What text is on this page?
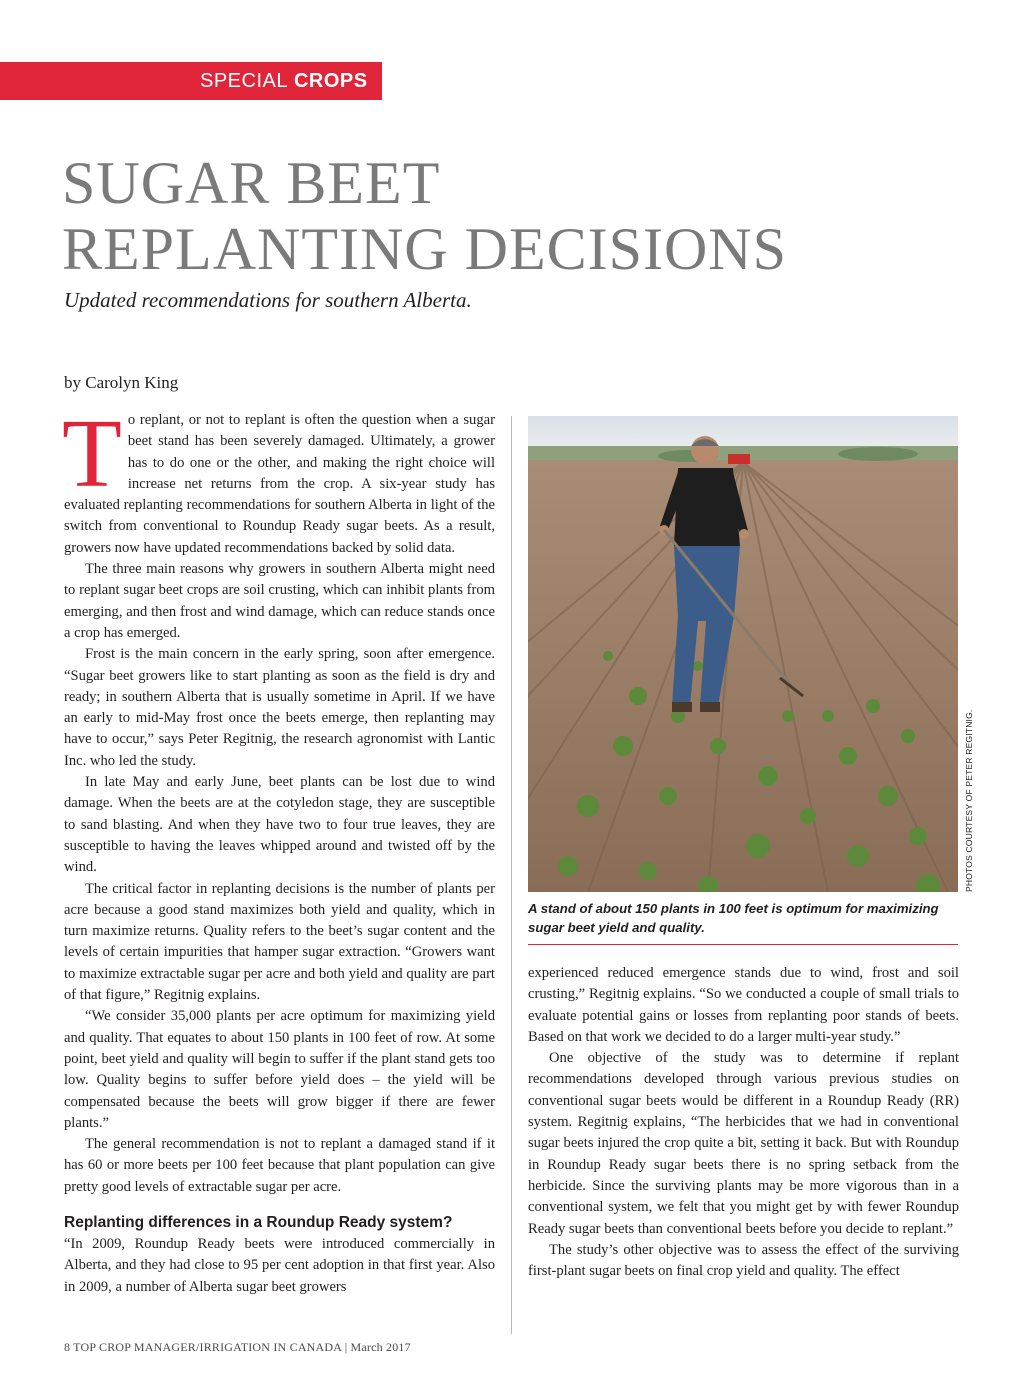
SPECIAL CROPS
SUGAR BEET
REPLANTING DECISIONS
Updated recommendations for southern Alberta.
by Carolyn King

To replant, or not to replant is often the question when a sugar beet stand has been severely damaged. Ultimately, a grower has to do one or the other, and making the right choice will increase net returns from the crop. A six-year study has evaluated replanting recommendations for southern Alberta in light of the switch from conventional to Roundup Ready sugar beets. As a result, growers now have updated recommendations backed by solid data.

The three main reasons why growers in southern Alberta might need to replant sugar beet crops are soil crusting, which can inhibit plants from emerging, and then frost and wind damage, which can reduce stands once a crop has emerged.

Frost is the main concern in the early spring, soon after emergence. “Sugar beet growers like to start planting as soon as the field is dry and ready; in southern Alberta that is usually sometime in April. If we have an early to mid-May frost once the beets emerge, then replanting may have to occur,” says Peter Regitnig, the research agronomist with Lantic Inc. who led the study.

In late May and early June, beet plants can be lost due to wind damage. When the beets are at the cotyledon stage, they are susceptible to sand blasting. And when they have two to four true leaves, they are susceptible to having the leaves whipped around and twisted off by the wind.

The critical factor in replanting decisions is the number of plants per acre because a good stand maximizes both yield and quality, which in turn maximize returns. Quality refers to the beet’s sugar content and the levels of certain impurities that hamper sugar extraction. “Growers want to maximize extractable sugar per acre and both yield and quality are part of that figure,” Regitnig explains.

“We consider 35,000 plants per acre optimum for maximizing yield and quality. That equates to about 150 plants in 100 feet of row. At some point, beet yield and quality will begin to suffer if the plant stand gets too low. Quality begins to suffer before yield does – the yield will be compensated because the beets will grow bigger if there are fewer plants.”

The general recommendation is not to replant a damaged stand if it has 60 or more beets per 100 feet because that plant population can give pretty good levels of extractable sugar per acre.

Replanting differences in a Roundup Ready system?

“In 2009, Roundup Ready beets were introduced commercially in Alberta, and they had close to 95 per cent adoption in that first year. Also in 2009, a number of Alberta sugar beet growers

PHOTOS COURTESY OF PETER REGITNIG.
A stand of about 150 plants in 100 feet is optimum for maximizing sugar beet yield and quality.

experienced reduced emergence stands due to wind, frost and soil crusting,” Regitnig explains. “So we conducted a couple of small trials to evaluate potential gains or losses from replanting poor stands of beets. Based on that work we decided to do a larger multi-year study.”

One objective of the study was to determine if replant recommendations developed through various previous studies on conventional sugar beets would be different in a Roundup Ready (RR) system. Regitnig explains, “The herbicides that we had in conventional sugar beets injured the crop quite a bit, setting it back. But with Roundup in Roundup Ready sugar beets there is no spring setback from the herbicide. Since the surviving plants may be more vigorous than in a conventional system, we felt that you might get by with fewer Roundup Ready sugar beets than conventional beets before you decide to replant.”

The study’s other objective was to assess the effect of the surviving first-plant sugar beets on final crop yield and quality. The effect

8 TOP CROP MANAGER/IRRIGATION IN CANADA | March 2017
